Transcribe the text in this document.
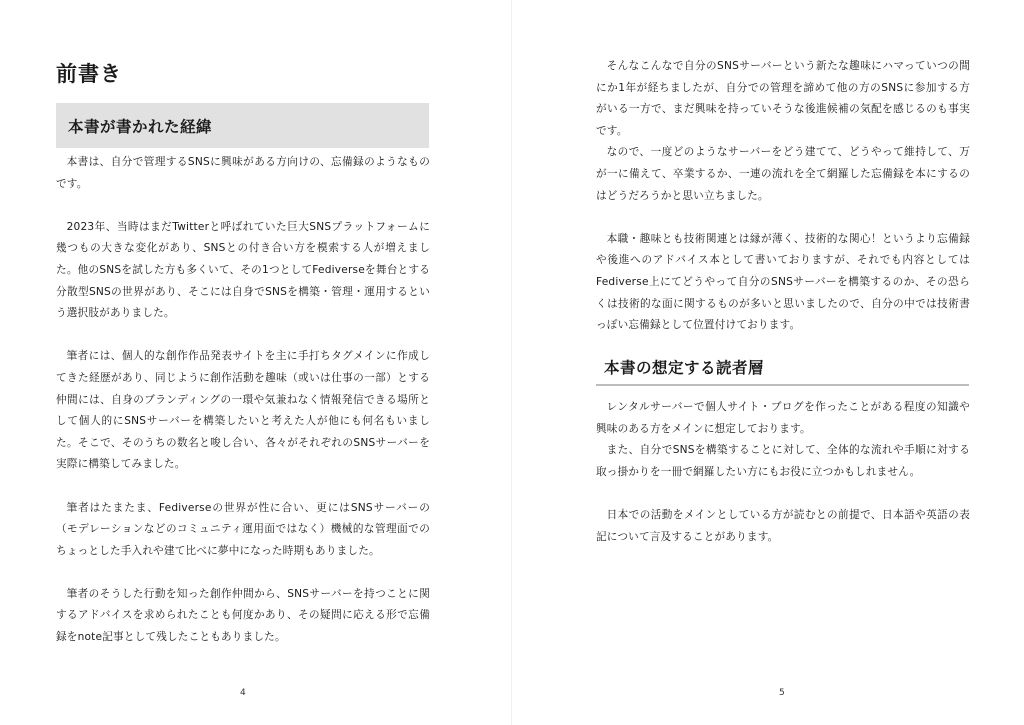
前書き
本書が書かれた経緯

本書は、自分で管理するSNSに興味がある方向けの、忘備録のようなものです。

2023年、当時はまだTwitterと呼ばれていた巨大SNSプラットフォームに幾つもの大きな変化があり、SNSとの付き合い方を模索する人が増えました。他のSNSを試した方も多くいて、その1つとしてFediverseを舞台とする分散型SNSの世界があり、そこには自身でSNSを構築・管理・運用するという選択肢がありました。

筆者には、個人的な創作作品発表サイトを主に手打ちタグメインに作成してきた経歴があり、同じように創作活動を趣味（或いは仕事の一部）とする仲間には、自身のブランディングの一環や気兼ねなく情報発信できる場所として個人的にSNSサーバーを構築したいと考えた人が他にも何名もいました。そこで、そのうちの数名と唆し合い、各々がそれぞれのSNSサーバーを実際に構築してみました。

筆者はたまたま、Fediverseの世界が性に合い、更にはSNSサーバーの（モデレーションなどのコミュニティ運用面ではなく）機械的な管理面でのちょっとした手入れや建て比べに夢中になった時期もありました。

筆者のそうした行動を知った創作仲間から、SNSサーバーを持つことに関するアドバイスを求められたことも何度かあり、その疑問に応える形で忘備録をnote記事として残したこともありました。

4

そんなこんなで自分のSNSサーバーという新たな趣味にハマっていつの間にか1年が経ちましたが、自分での管理を諦めて他の方のSNSに参加する方がいる一方で、まだ興味を持っていそうな後進候補の気配を感じるのも事実です。

なので、一度どのようなサーバーをどう建てて、どうやって維持して、万が一に備えて、卒業するか、一連の流れを全て網羅した忘備録を本にするのはどうだろうかと思い立ちました。

本職・趣味とも技術関連とは縁が薄く、技術的な関心！というより忘備録や後進へのアドバイス本として書いておりますが、それでも内容としてはFediverse上にてどうやって自分のSNSサーバーを構築するのか、その恐らくは技術的な面に関するものが多いと思いましたので、自分の中では技術書っぽい忘備録として位置付けております。

本書の想定する読者層

レンタルサーバーで個人サイト・ブログを作ったことがある程度の知識や興味のある方をメインに想定しております。

また、自分でSNSを構築することに対して、全体的な流れや手順に対する取っ掛かりを一冊で網羅したい方にもお役に立つかもしれません。

日本での活動をメインとしている方が読むとの前提で、日本語や英語の表記について言及することがあります。

5
